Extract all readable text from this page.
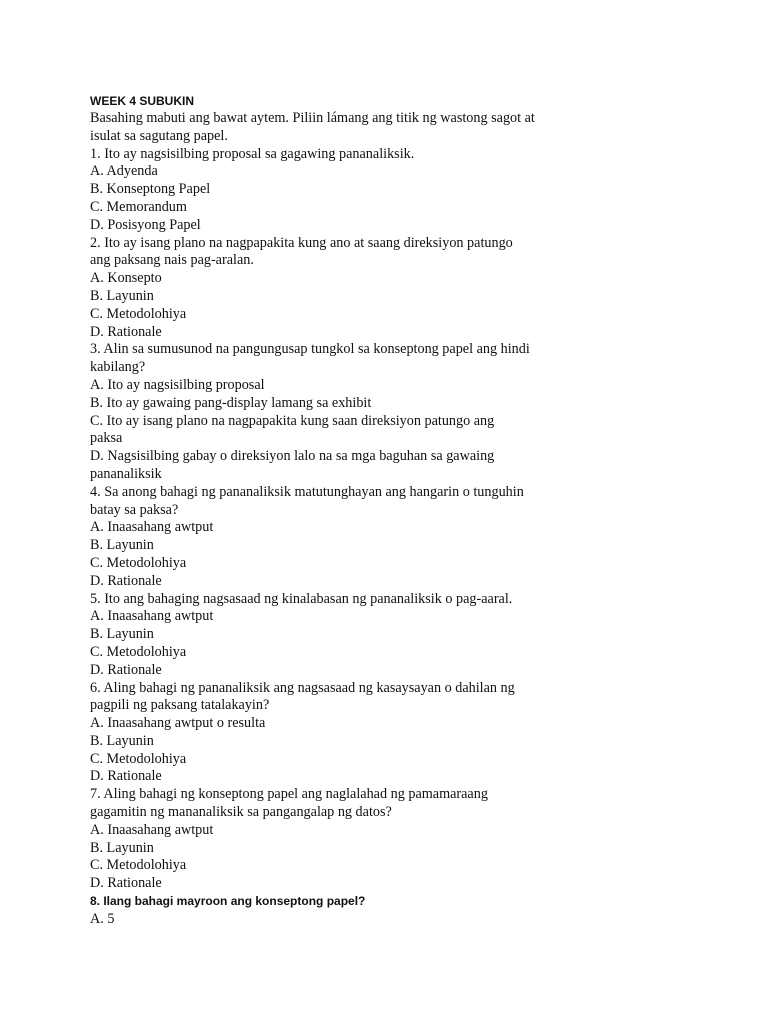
WEEK 4 SUBUKIN
Basahing mabuti ang bawat aytem. Piliin lámang ang titik ng wastong sagot at
isulat sa sagutang papel.
1. Ito ay nagsisilbing proposal sa gagawing pananaliksik.
A. Adyenda
B. Konseptong Papel
C. Memorandum
D. Posisyong Papel
2. Ito ay isang plano na nagpapakita kung ano at saang direksiyon patungo
ang paksang nais pag-aralan.
A. Konsepto
B. Layunin
C. Metodolohiya
D. Rationale
3. Alin sa sumusunod na pangungusap tungkol sa konseptong papel ang hindi
kabilang?
A. Ito ay nagsisilbing proposal
B. Ito ay gawaing pang-display lamang sa exhibit
C. Ito ay isang plano na nagpapakita kung saan direksiyon patungo ang
paksa
D. Nagsisilbing gabay o direksiyon lalo na sa mga baguhan sa gawaing
pananaliksik
4. Sa anong bahagi ng pananaliksik matutunghayan ang hangarin o tunguhin
batay sa paksa?
A. Inaasahang awtput
B. Layunin
C. Metodolohiya
D. Rationale
5. Ito ang bahaging nagsasaad ng kinalabasan ng pananaliksik o pag-aaral.
A. Inaasahang awtput
B. Layunin
C. Metodolohiya
D. Rationale
6. Aling bahagi ng pananaliksik ang nagsasaad ng kasaysayan o dahilan ng
pagpili ng paksang tatalakayin?
A. Inaasahang awtput o resulta
B. Layunin
C. Metodolohiya
D. Rationale
7. Aling bahagi ng konseptong papel ang naglalahad ng pamamaraang
gagamitin ng mananaliksik sa pangangalap ng datos?
A. Inaasahang awtput
B. Layunin
C. Metodolohiya
D. Rationale
8. Ilang bahagi mayroon ang konseptong papel?
A. 5
